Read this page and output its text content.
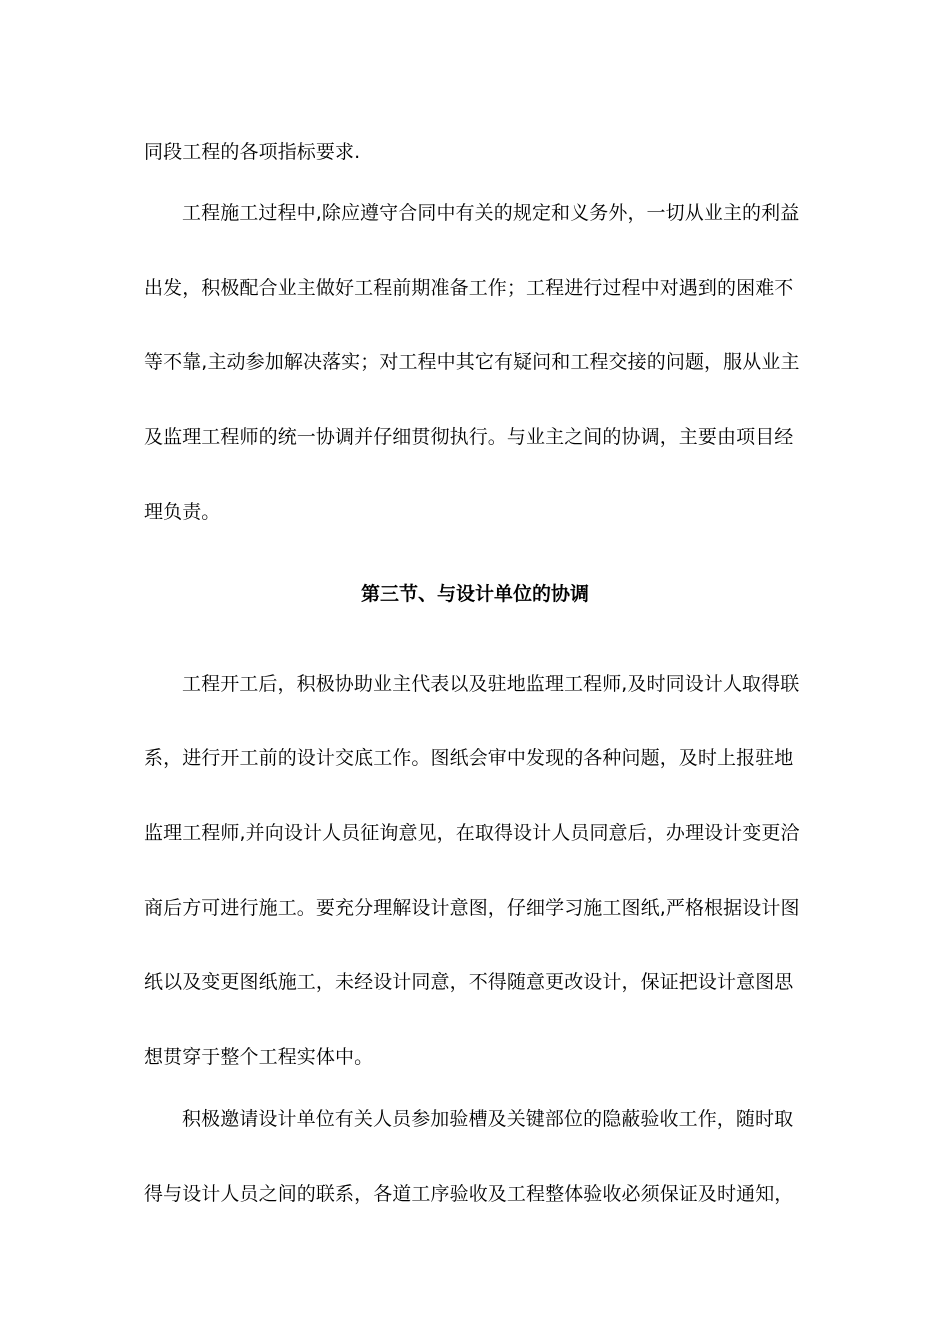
同段工程的各项指标要求.
工程施工过程中,除应遵守合同中有关的规定和义务外，一切从业主的利益
出发，积极配合业主做好工程前期准备工作；工程进行过程中对遇到的困难不
等不靠,主动参加解决落实；对工程中其它有疑问和工程交接的问题，服从业主
及监理工程师的统一协调并仔细贯彻执行。与业主之间的协调，主要由项目经
理负责。
第三节、与设计单位的协调
工程开工后，积极协助业主代表以及驻地监理工程师,及时同设计人取得联
系，进行开工前的设计交底工作。图纸会审中发现的各种问题，及时上报驻地
监理工程师,并向设计人员征询意见，在取得设计人员同意后，办理设计变更洽
商后方可进行施工。要充分理解设计意图，仔细学习施工图纸,严格根据设计图
纸以及变更图纸施工，未经设计同意，不得随意更改设计，保证把设计意图思
想贯穿于整个工程实体中。
积极邀请设计单位有关人员参加验槽及关键部位的隐蔽验收工作，随时取
得与设计人员之间的联系，各道工序验收及工程整体验收必须保证及时通知，
